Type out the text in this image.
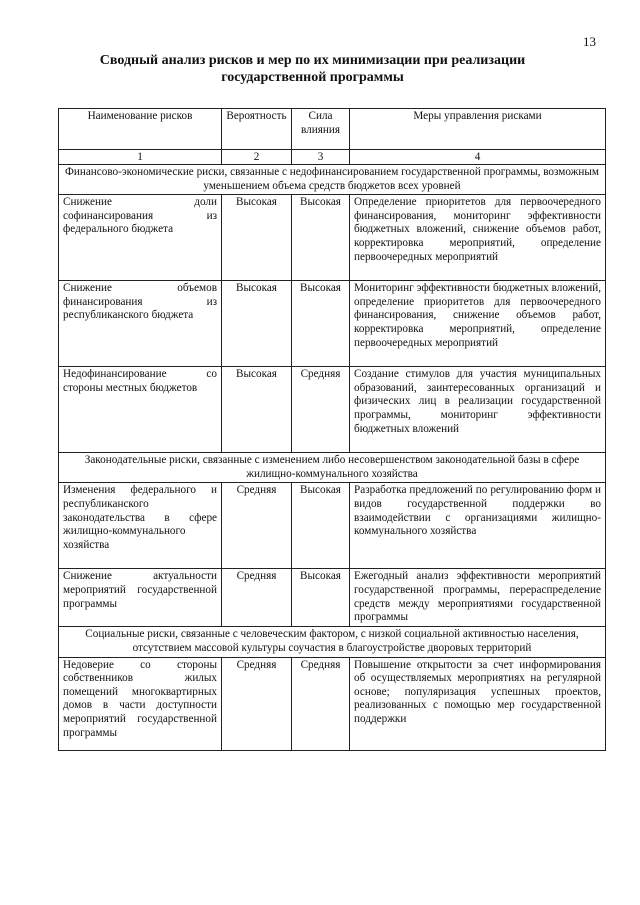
13
Сводный анализ рисков и мер по их минимизации при реализации государственной программы
Наименование рисков	Вероятность	Сила влияния	Меры управления рисками
1	2	3	4
Финансово-экономические риски, связанные с недофинансированием государственной программы, возможным уменьшением объема средств бюджетов всех уровней			
Снижение доли софинансирования из федерального бюджета	Высокая	Высокая	Определение приоритетов для первоочередного финансирования, мониторинг эффективности бюджетных вложений, снижение объемов работ, корректировка мероприятий, определение первоочередных мероприятий
Снижение объемов финансирования из республиканского бюджета	Высокая	Высокая	Мониторинг эффективности бюджетных вложений, определение приоритетов для первоочередного финансирования, снижение объемов работ, корректировка мероприятий, определение первоочередных мероприятий
Недофинансирование со стороны местных бюджетов	Высокая	Средняя	Создание стимулов для участия муниципальных образований, заинтересованных организаций и физических лиц в реализации государственной программы, мониторинг эффективности бюджетных вложений
Законодательные риски, связанные с изменением либо несовершенством законодательной базы в сфере жилищно-коммунального хозяйства			
Изменения федерального и республиканского законодательства в сфере жилищно-коммунального хозяйства	Средняя	Высокая	Разработка предложений по регулированию форм и видов государственной поддержки во взаимодействии с организациями жилищно-коммунального хозяйства
Снижение актуальности мероприятий государственной программы	Средняя	Высокая	Ежегодный анализ эффективности мероприятий государственной программы, перераспределение средств между мероприятиями государственной программы
Социальные риски, связанные с человеческим фактором, с низкой социальной активностью населения, отсутствием массовой культуры соучастия в благоустройстве дворовых территорий			
Недоверие со стороны собственников жилых помещений многоквартирных домов в части доступности мероприятий государственной программы	Средняя	Средняя	Повышение открытости за счет информирования об осуществляемых мероприятиях на регулярной основе; популяризация успешных проектов, реализованных с помощью мер государственной поддержки
